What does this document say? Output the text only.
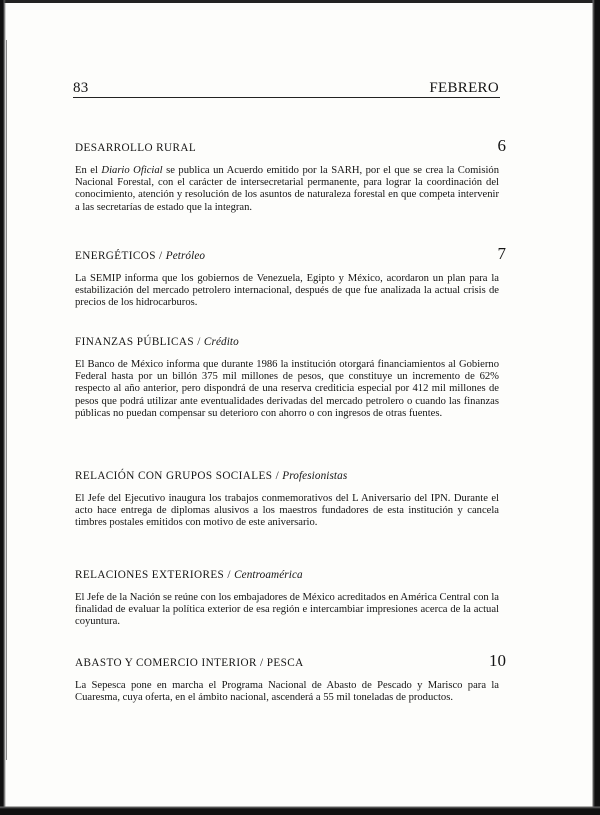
83	FEBRERO
DESARROLLO RURAL	6
En el Diario Oficial se publica un Acuerdo emitido por la SARH, por el que se crea la Comisión Nacional Forestal, con el carácter de intersecretarial permanente, para lograr la coordinación del conocimiento, atención y resolución de los asuntos de naturaleza forestal en que competa intervenir a las secretarías de estado que la integran.
ENERGÉTICOS / Petróleo	7
La SEMIP informa que los gobiernos de Venezuela, Egipto y México, acordaron un plan para la estabilización del mercado petrolero internacional, después de que fue analizada la actual crisis de precios de los hidrocarburos.
FINANZAS PÚBLICAS / Crédito
El Banco de México informa que durante 1986 la institución otorgará financiamientos al Gobierno Federal hasta por un billón 375 mil millones de pesos, que constituye un incremento de 62% respecto al año anterior, pero dispondrá de una reserva crediticia especial por 412 mil millones de pesos que podrá utilizar ante eventualidades derivadas del mercado petrolero o cuando las finanzas públicas no puedan compensar su deterioro con ahorro o con ingresos de otras fuentes.
RELACIÓN CON GRUPOS SOCIALES / Profesionistas
El Jefe del Ejecutivo inaugura los trabajos conmemorativos del L Aniversario del IPN. Durante el acto hace entrega de diplomas alusivos a los maestros fundadores de esta institución y cancela timbres postales emitidos con motivo de este aniversario.
RELACIONES EXTERIORES / Centroamérica
El Jefe de la Nación se reúne con los embajadores de México acreditados en América Central con la finalidad de evaluar la política exterior de esa región e intercambiar impresiones acerca de la actual coyuntura.
ABASTO Y COMERCIO INTERIOR / PESCA	10
La Sepesca pone en marcha el Programa Nacional de Abasto de Pescado y Marisco para la Cuaresma, cuya oferta, en el ámbito nacional, ascenderá a 55 mil toneladas de productos.
